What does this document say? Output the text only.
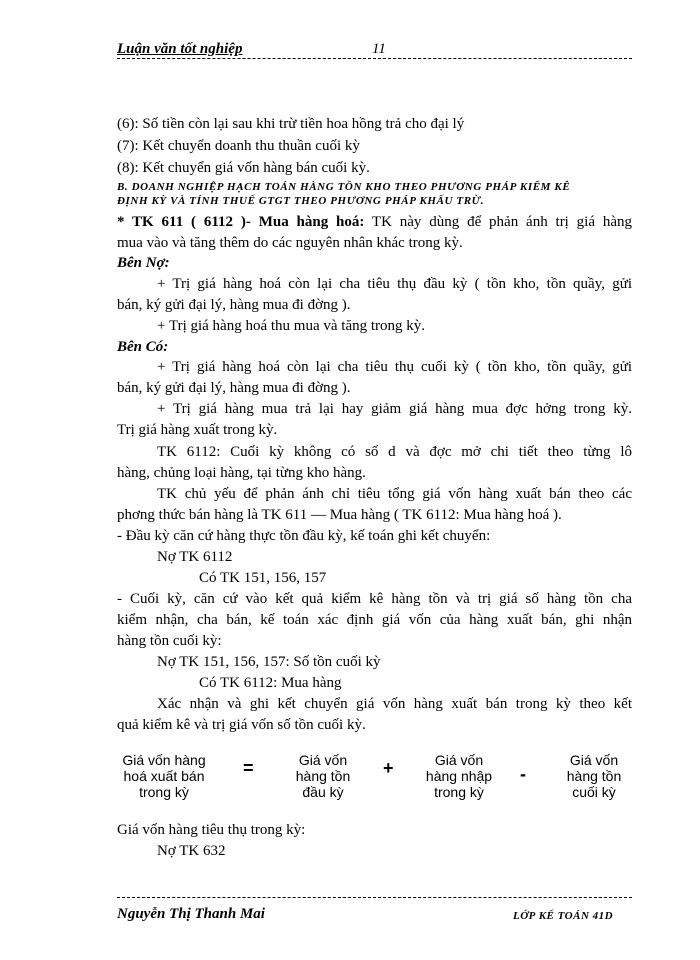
Luận văn tốt nghiệp	11
(6): Số tiền còn lại sau khi trừ tiền hoa hồng trả cho đại lý
(7): Kết chuyển doanh thu thuần cuối kỳ
(8): Kết chuyển giá vốn hàng bán cuối kỳ.
B. DOANH NGHIỆP HẠCH TOÁN HÀNG TỒN KHO THEO PHƯƠNG PHÁP KIỂM KÊ
ĐỊNH KỲ VÀ TÍNH THUẾ GTGT THEO PHƯƠNG PHÁP KHẤU TRỪ.
* TK 611 ( 6112 )- Mua hàng hoá: TK này dùng để phản ánh trị giá hàng
mua vào và tăng thêm do các nguyên nhân khác trong kỳ.
Bên Nợ:
+ Trị giá hàng hoá còn lại cha tiêu thụ đầu kỳ ( tồn kho, tồn quầy, gửi
bán, ký gửi đại lý, hàng mua đi đờng ).
+ Trị giá hàng hoá thu mua và tăng trong kỳ.
Bên Có:
+ Trị giá hàng hoá còn lại cha tiêu thụ cuối kỳ ( tồn kho, tồn quầy, gửi
bán, ký gửi đại lý, hàng mua đi đờng ).
+ Trị giá hàng mua trả lại hay giảm giá hàng mua đợc hởng trong kỳ.
Trị giá hàng xuất trong kỳ.
TK 6112: Cuối kỳ không có số d và đợc mở chi tiết theo từng lô
hàng, chủng loại hàng, tại từng kho hàng.
TK chủ yếu để phản ánh chỉ tiêu tổng giá vốn hàng xuất bán theo các
phơng thức bán hàng là TK 611 — Mua hàng ( TK 6112: Mua hàng hoá ).
- Đầu kỳ căn cứ hàng thực tồn đầu kỳ, kế toán ghi kết chuyển:
Nợ TK 6112
Có TK 151, 156, 157
- Cuối kỳ, căn cứ vào kết quả kiểm kê hàng tồn và trị giá số hàng tồn cha
kiểm nhận, cha bán, kế toán xác định giá vốn của hàng xuất bán, ghi nhận
hàng tồn cuối kỳ:
Nợ TK 151, 156, 157: Số tồn cuối kỳ
Có TK 6112: Mua hàng
Xác nhận và ghi kết chuyển giá vốn hàng xuất bán trong kỳ theo kết
quả kiểm kê và trị giá vốn số tồn cuối kỳ.
Giá vốn hàng
hoá xuất bán
trong kỳ
=	Giá vốn
hàng tồn
đầu kỳ
+	Giá vốn
hàng nhập
trong kỳ
-
Giá vốn
hàng tồn
cuối kỳ
Giá vốn hàng tiêu thụ trong kỳ:
Nợ TK 632
Nguyễn Thị Thanh Mai	LỚP KẾ TOÁN 41D
